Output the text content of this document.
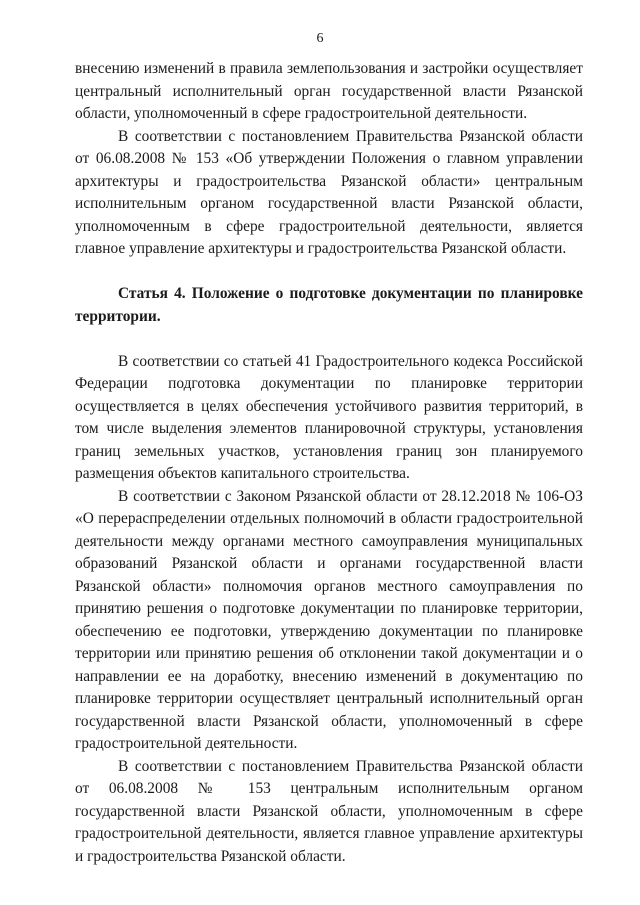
6

внесению изменений в правила землепользования и застройки осуществляет центральный исполнительный орган государственной власти Рязанской области, уполномоченный в сфере градостроительной деятельности.

В соответствии с постановлением Правительства Рязанской области от 06.08.2008 № 153 «Об утверждении Положения о главном управлении архитектуры и градостроительства Рязанской области» центральным исполнительным органом государственной власти Рязанской области, уполномоченным в сфере градостроительной деятельности, является главное управление архитектуры и градостроительства Рязанской области.

Статья 4. Положение о подготовке документации по планировке территории.

В соответствии со статьей 41 Градостроительного кодекса Российской Федерации подготовка документации по планировке территории осуществляется в целях обеспечения устойчивого развития территорий, в том числе выделения элементов планировочной структуры, установления границ земельных участков, установления границ зон планируемого размещения объектов капитального строительства.

В соответствии с Законом Рязанской области от 28.12.2018 № 106-ОЗ «О перераспределении отдельных полномочий в области градостроительной деятельности между органами местного самоуправления муниципальных образований Рязанской области и органами государственной власти Рязанской области» полномочия органов местного самоуправления по принятию решения о подготовке документации по планировке территории, обеспечению ее подготовки, утверждению документации по планировке территории или принятию решения об отклонении такой документации и о направлении ее на доработку, внесению изменений в документацию по планировке территории осуществляет центральный исполнительный орган государственной власти Рязанской области, уполномоченный в сфере градостроительной деятельности.

В соответствии с постановлением Правительства Рязанской области от 06.08.2008 № 153 центральным исполнительным органом государственной власти Рязанской области, уполномоченным в сфере градостроительной деятельности, является главное управление архитектуры и градостроительства Рязанской области.
